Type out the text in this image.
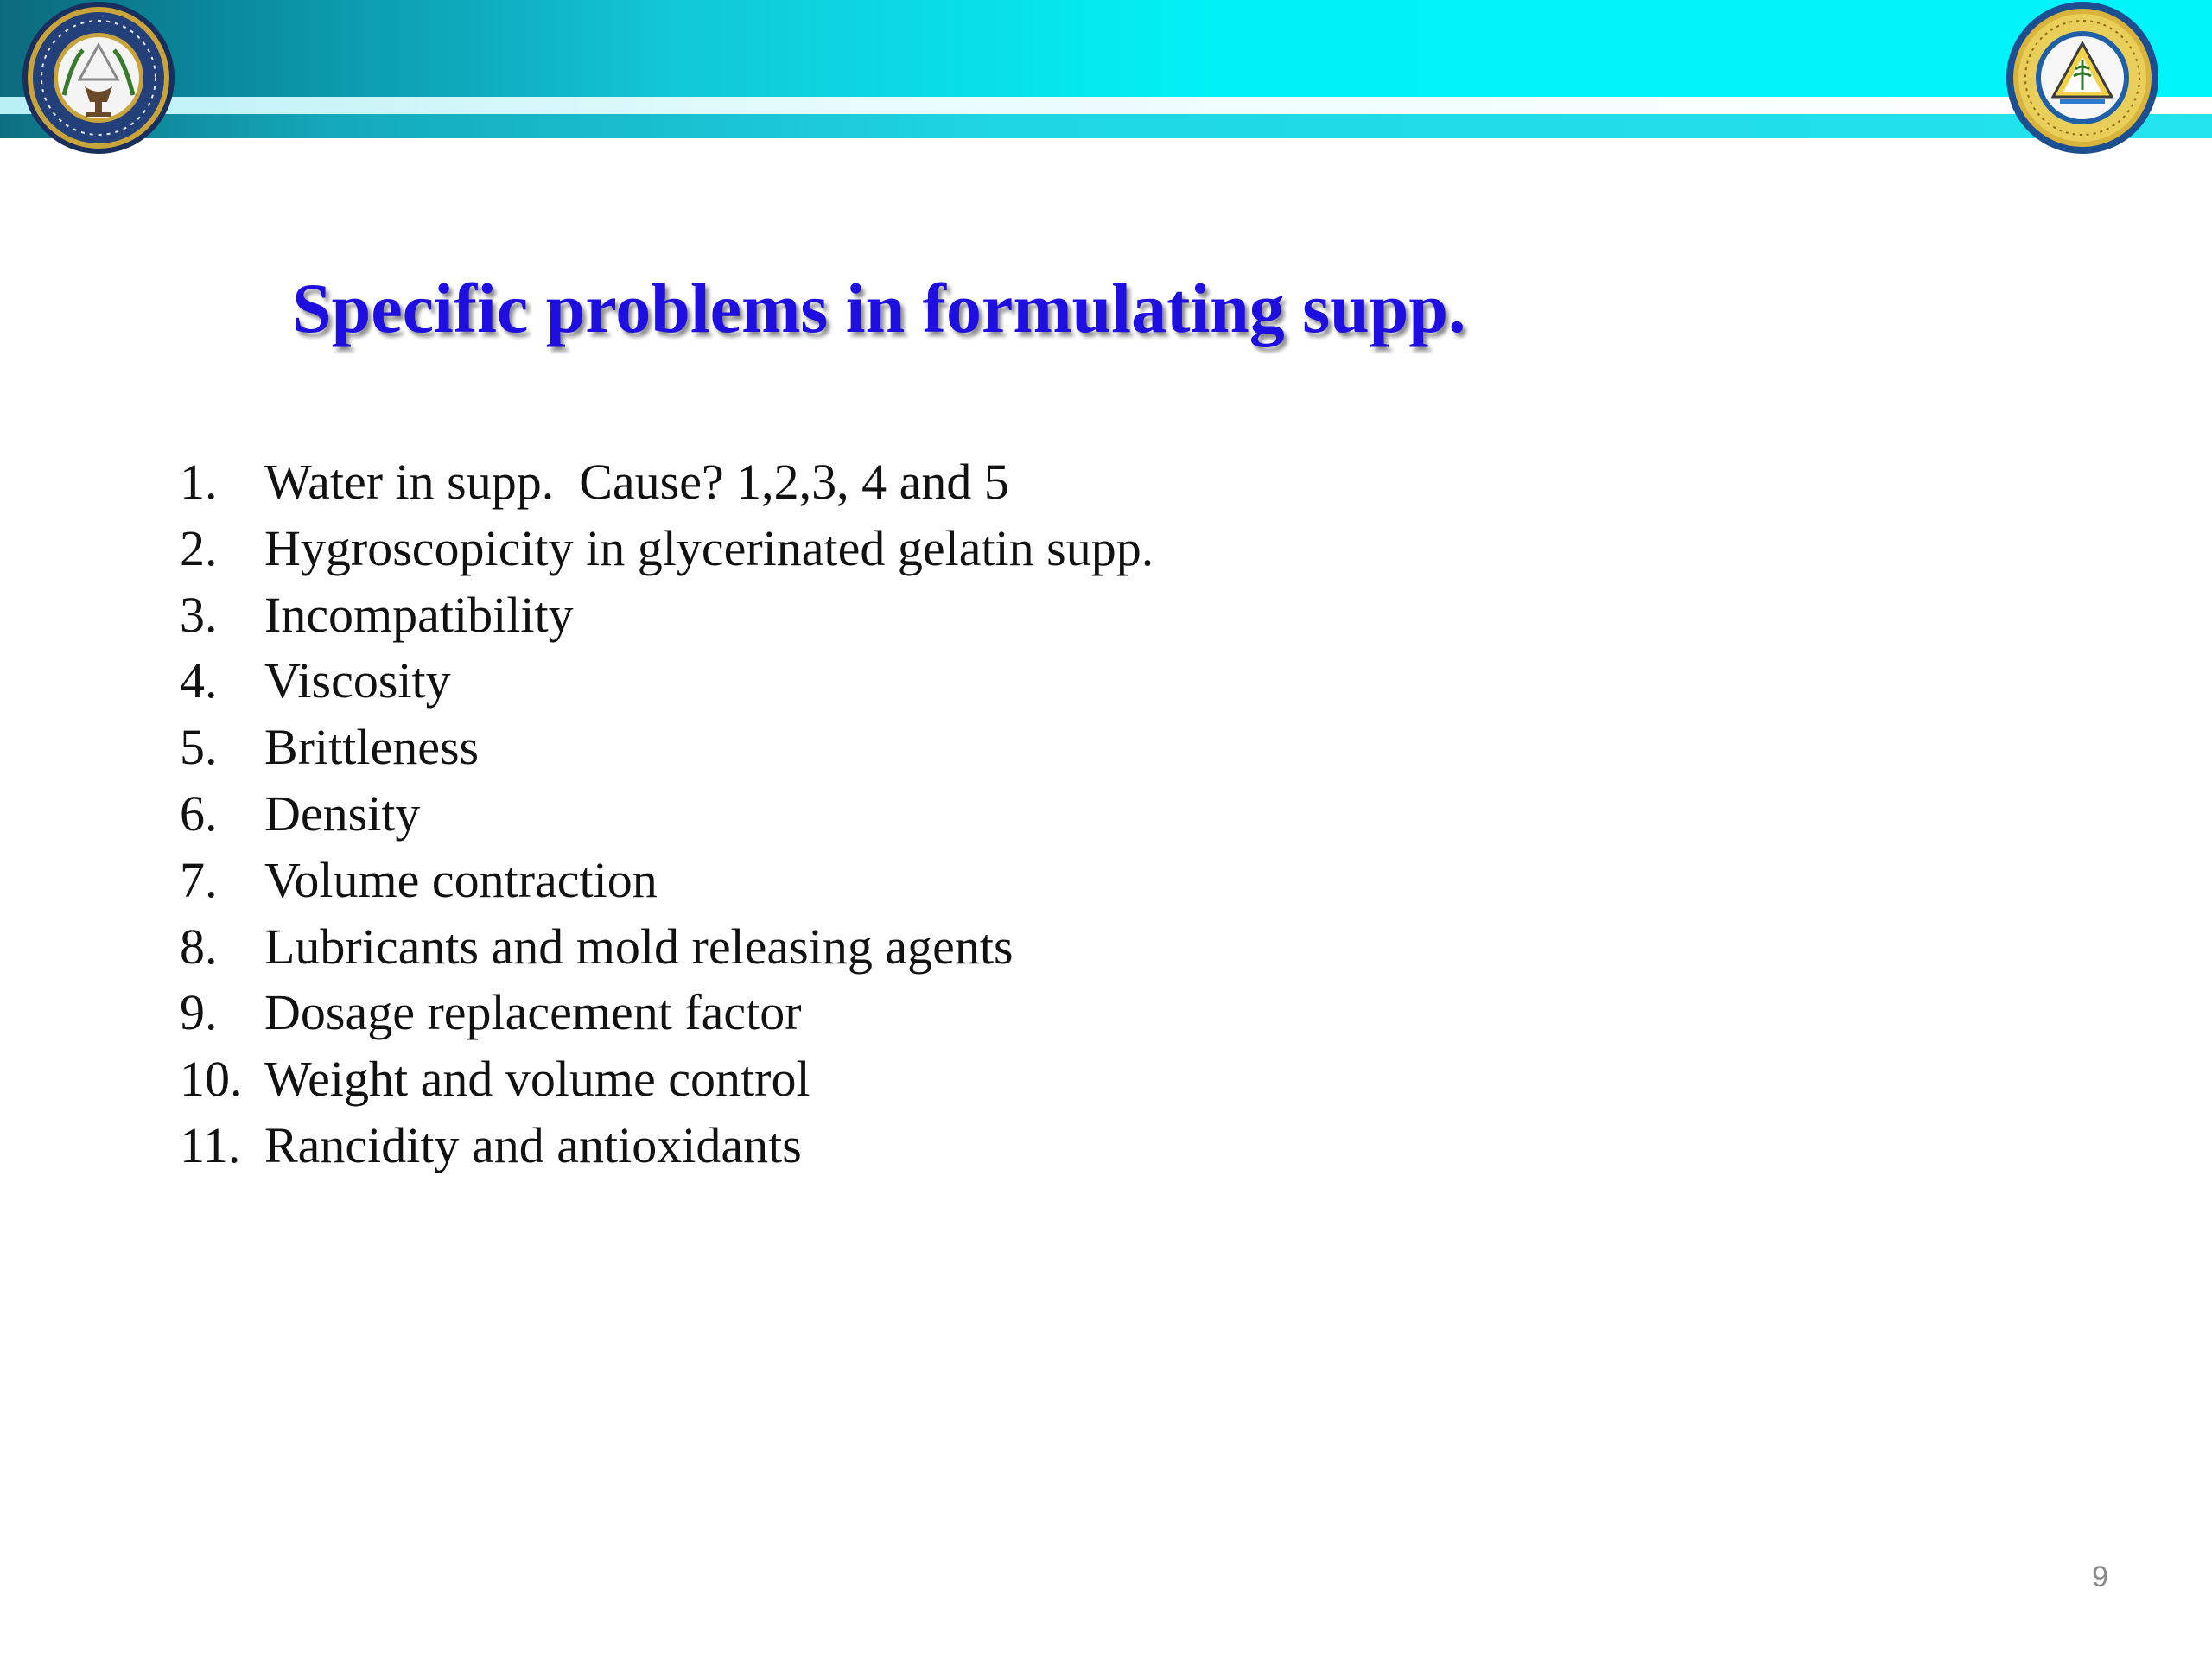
Specific problems in formulating supp.
1. Water in supp.  Cause? 1,2,3, 4 and 5
2. Hygroscopicity in glycerinated gelatin supp.
3. Incompatibility
4. Viscosity
5. Brittleness
6. Density
7. Volume contraction
8. Lubricants and mold releasing agents
9. Dosage replacement factor
10. Weight and volume control
11. Rancidity and antioxidants
9
